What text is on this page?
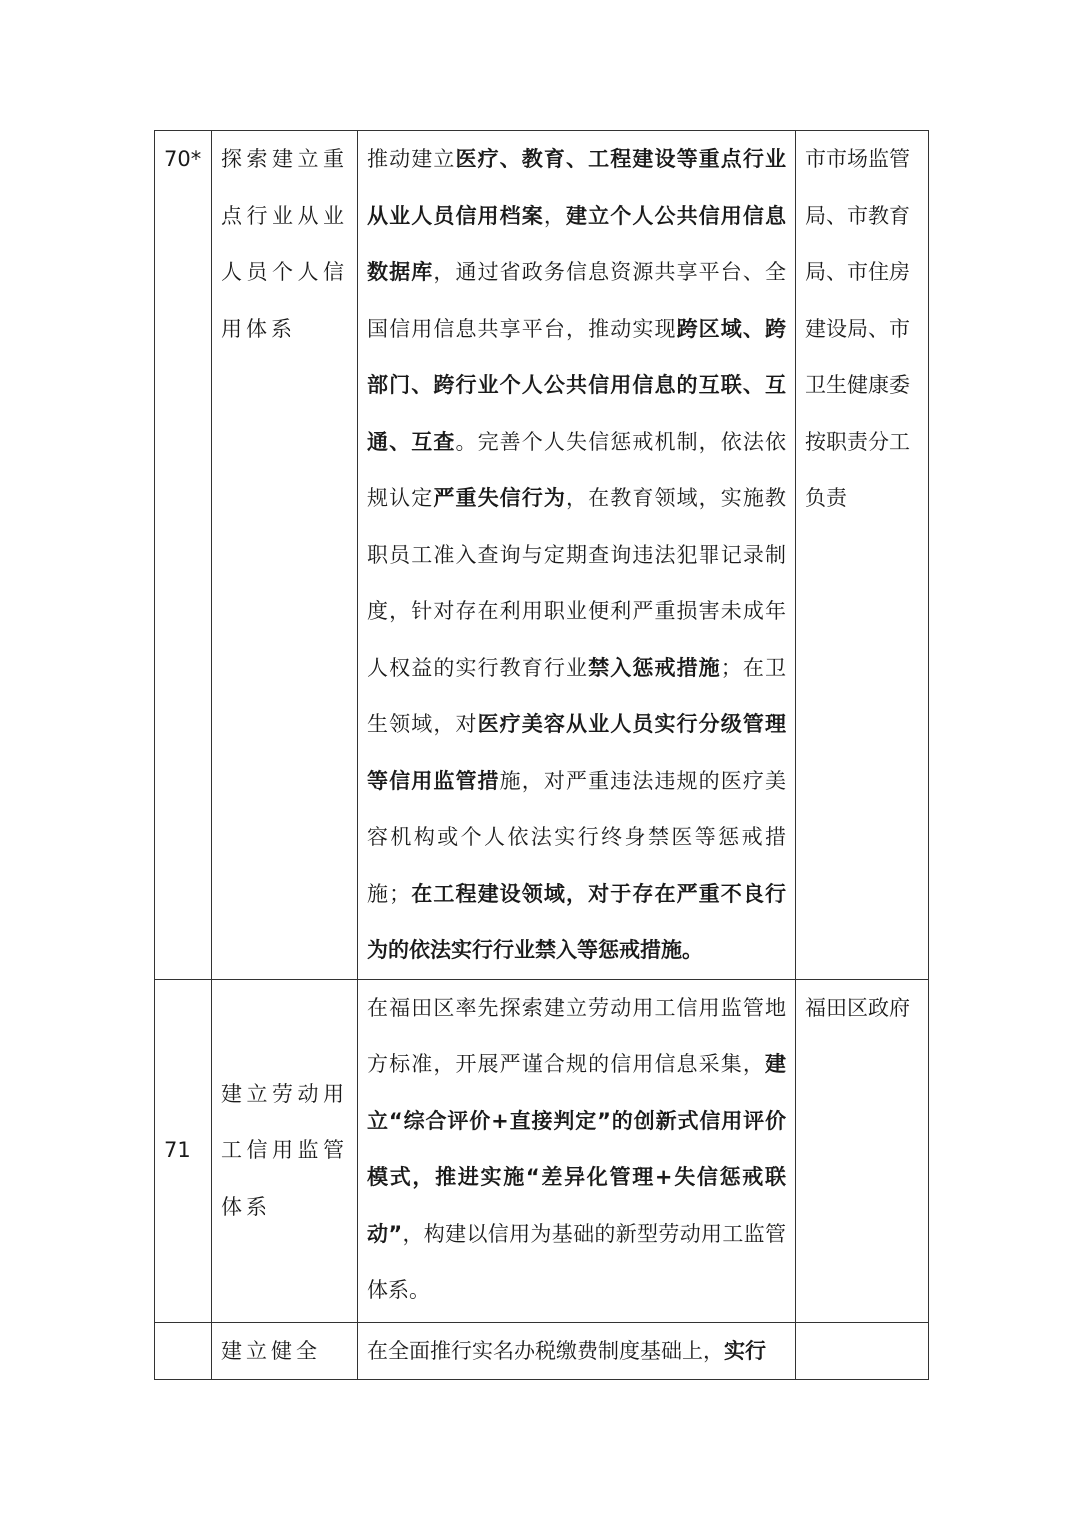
70*	探索建立重点行业从业人员个人信用体系	推动建立医疗、教育、工程建设等重点行业从业人员信用档案，建立个人公共信用信息数据库，通过省政务信息资源共享平台、全国信用信息共享平台，推动实现跨区域、跨部门、跨行业个人公共信用信息的互联、互通、互查。完善个人失信惩戒机制，依法依规认定严重失信行为，在教育领域，实施教职员工准入查询与定期查询违法犯罪记录制度，针对存在利用职业便利严重损害未成年人权益的实行教育行业禁入惩戒措施；在卫生领域，对医疗美容从业人员实行分级管理等信用监管措施，对严重违法违规的医疗美容机构或个人依法实行终身禁医等惩戒措施；在工程建设领域，对于存在严重不良行为的依法实行行业禁入等惩戒措施。	市市场监管局、市教育局、市住房建设局、市卫生健康委按职责分工负责
71	建立劳动用工信用监管体系	在福田区率先探索建立劳动用工信用监管地方标准，开展严谨合规的信用信息采集，建立“综合评价+直接判定”的创新式信用评价模式，推进实施“差异化管理+失信惩戒联动”，构建以信用为基础的新型劳动用工监管体系。	福田区政府
	建立健全	在全面推行实名办税缴费制度基础上，实行	
